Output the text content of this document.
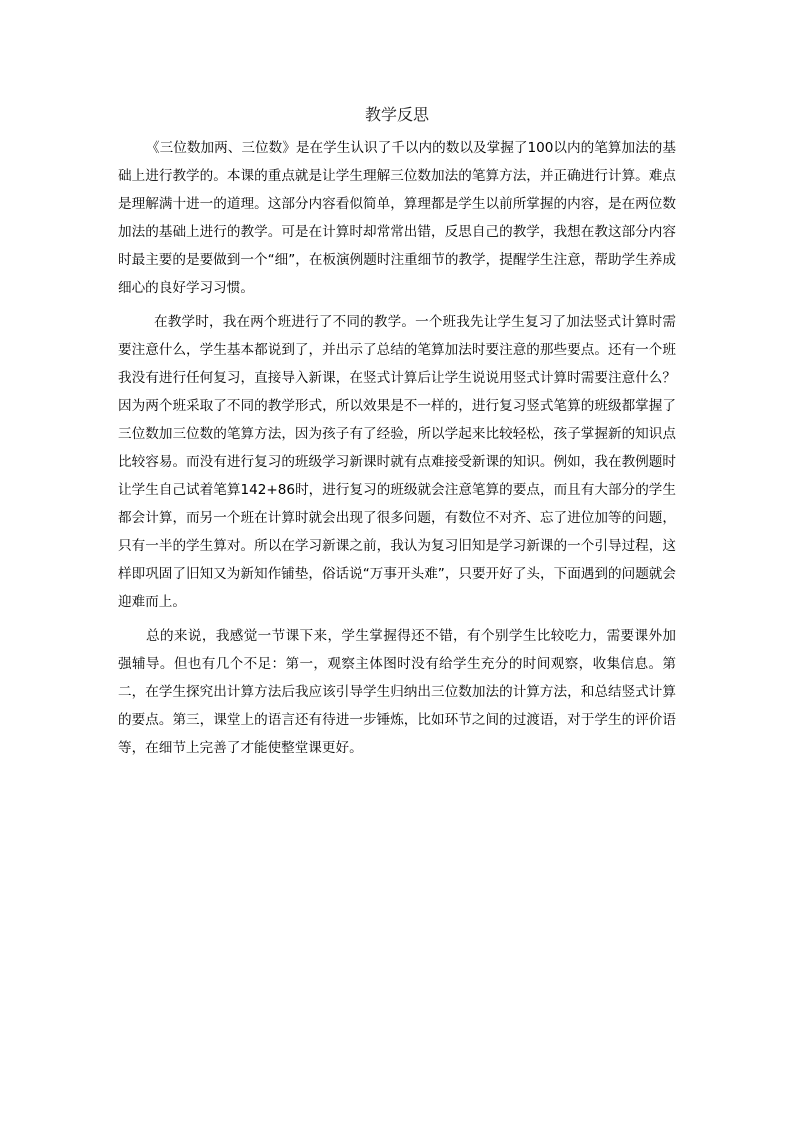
教学反思

《三位数加两、三位数》是在学生认识了千以内的数以及掌握了100以内的笔算加法的基础上进行教学的。本课的重点就是让学生理解三位数加法的笔算方法，并正确进行计算。难点是理解满十进一的道理。这部分内容看似简单，算理都是学生以前所掌握的内容，是在两位数加法的基础上进行的教学。可是在计算时却常常出错，反思自己的教学，我想在教这部分内容时最主要的是要做到一个“细”，在板演例题时注重细节的教学，提醒学生注意，帮助学生养成细心的良好学习习惯。

在教学时，我在两个班进行了不同的教学。一个班我先让学生复习了加法竖式计算时需要注意什么，学生基本都说到了，并出示了总结的笔算加法时要注意的那些要点。还有一个班我没有进行任何复习，直接导入新课，在竖式计算后让学生说说用竖式计算时需要注意什么？因为两个班采取了不同的教学形式，所以效果是不一样的，进行复习竖式笔算的班级都掌握了三位数加三位数的笔算方法，因为孩子有了经验，所以学起来比较轻松，孩子掌握新的知识点比较容易。而没有进行复习的班级学习新课时就有点难接受新课的知识。例如，我在教例题时让学生自己试着笔算142+86时，进行复习的班级就会注意笔算的要点，而且有大部分的学生都会计算，而另一个班在计算时就会出现了很多问题，有数位不对齐、忘了进位加等的问题，只有一半的学生算对。所以在学习新课之前，我认为复习旧知是学习新课的一个引导过程，这样即巩固了旧知又为新知作铺垫，俗话说“万事开头难”，只要开好了头，下面遇到的问题就会迎难而上。

总的来说，我感觉一节课下来，学生掌握得还不错，有个别学生比较吃力，需要课外加强辅导。但也有几个不足：第一，观察主体图时没有给学生充分的时间观察，收集信息。第二，在学生探究出计算方法后我应该引导学生归纳出三位数加法的计算方法，和总结竖式计算的要点。第三，课堂上的语言还有待进一步锤炼，比如环节之间的过渡语，对于学生的评价语等，在细节上完善了才能使整堂课更好。
